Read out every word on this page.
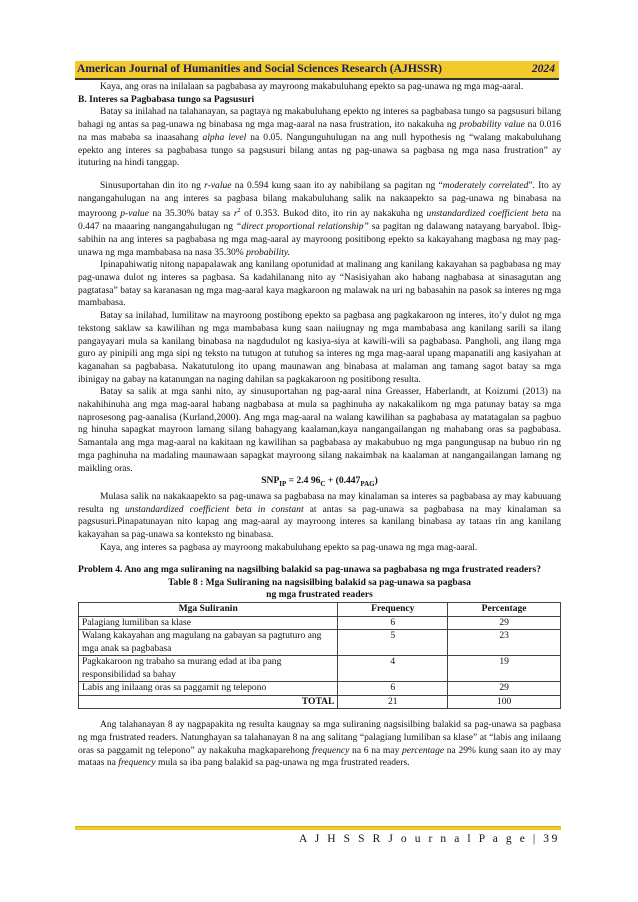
American Journal of Humanities and Social Sciences Research (AJHSSR)	2024

Kaya, ang oras na inilalaan sa pagbabasa ay mayroong makabuluhang epekto sa pag-unawa ng mga mag-aaral.

B. Interes sa Pagbabasa tungo sa Pagsusuri

Batay sa inilahad na talahanayan, sa pagtaya ng makabuluhang epekto ng interes sa pagbabasa tungo sa pagsusuri bilang bahagi ng antas sa pag-unawa ng binabasa ng mga mag-aaral na nasa frustration, ito nakakuha ng probability value na 0.016 na mas mababa sa inaasahang alpha level na 0.05. Nangunguhulugan na ang null hypothesis ng “walang makabuluhang epekto ang interes sa pagbabasa tungo sa pagsusuri bilang antas ng pag-unawa sa pagbasa ng mga nasa frustration” ay ituturing na hindi tanggap.

Sinusuportahan din ito ng r-value na 0.594 kung saan ito ay nabibilang sa pagitan ng “moderately correlated”. Ito ay nangangahulugan na ang interes sa pagbasa bilang makabuluhang salik na nakaapekto sa pag-unawa ng binabasa na mayroong p-value na 35.30% batay sa $r^2$ of 0.353. Bukod dito, ito rin ay nakakuha ng unstandardized coefficient beta na 0.447 na maaaring nangangahulugan ng “direct proportional relationship” sa pagitan ng dalawang natayang baryabol. Ibig-sabihin na ang interes sa pagbabasa ng mga mag-aaral ay mayroong positibong epekto sa kakayahang magbasa ng may pag-unawa ng mga mambabasa na nasa 35.30% probability.

Ipinapahiwatig nitong napapalawak ang kanilang opotunidad at malinang ang kanilang kakayahan sa pagbabasa ng may pag-unawa dulot ng interes sa pagbasa. Sa kadahilanang nito ay “Nasisiyahan ako habang nagbabasa at sinasagutan ang pagtatasa” batay sa karanasan ng mga mag-aaral kaya magkaroon ng malawak na uri ng babasahin na pasok sa interes ng mga mambabasa.

Batay sa inilahad, lumilitaw na mayroong postibong epekto sa pagbasa ang pagkakaroon ng interes, ito’y dulot ng mga tekstong saklaw sa kawilihan ng mga mambabasa kung saan naiiugnay ng mga mambabasa ang kanilang sarili sa ilang pangayayari mula sa kanilang binabasa na nagdudulot ng kasiya-siya at kawili-wili sa pagbabasa. Pangholi, ang ilang mga guro ay pinipili ang mga sipi ng teksto na tutugon at tutuhog sa interes ng mga mag-aaral upang mapanatili ang kasiyahan at kaganahan sa pagbabasa. Nakatutulong ito upang maunawan ang binabasa at malaman ang tamang sagot batay sa mga ibinigay na gabay na katanungan na naging dahilan sa pagkakaroon ng positibong resulta.

Batay sa salik at mga sanhi nito, ay sinusuportahan ng pag-aaral nina Greasser, Haberlandt, at Koizumi (2013) na nakahihinuha ang mga mag-aaral habang nagbabasa at mula sa paghinuha ay nakakalikom ng mga patunay batay sa mga naprosesong pag-aanalisa (Kurland,2000). Ang mga mag-aaral na walang kawilihan sa pagbabasa ay matatagalan sa pagbuo ng hinuha sapagkat mayroon lamang silang bahagyang kaalaman,kaya nangangailangan ng mahabang oras sa pagbabasa. Samantala ang mga mag-aaral na kakitaan ng kawilihan sa pagbabasa ay makabubuo ng mga pangungusap na bubuo rin ng mga paghinuha na madaling maunawaan sapagkat mayroong silang nakaimbak na kaalaman at nangangailangan lamang ng maikling oras.

$SNP_{IP} = 2.4$ $96_C + (0.447_{PAG})$

Mulasa salik na nakakaapekto sa pag-unawa sa pagbabasa na may kinalaman sa interes sa pagbabasa ay may kabuuang resulta ng unstandardized coefficient beta in constant at antas sa pag-unawa sa pagbabasa na may kinalaman sa pagsusuri.Pinapatunayan nito kapag ang mag-aaral ay mayroong interes sa kanilang binabasa ay tataas rin ang kanilang kakayahan sa pag-unawa sa konteksto ng binabasa.

Kaya, ang interes sa pagbasa ay mayroong makabuluhang epekto sa pag-unawa ng mga mag-aaral.

Problem 4. Ano ang mga suliraning na nagsilbing balakid sa pag-unawa sa pagbabasa ng mga frustrated readers?

Table 8 : Mga Suliraning na nagsisilbing balakid sa pag-unawa sa pagbasa
ng mga frustrated readers
Mga Suliranin	Frequency	Percentage
Palagiang lumiliban sa klase	6	29
Walang kakayahan ang magulang na gabayan sa pagtuturo ang mga anak sa pagbabasa	5	23
Pagkakaroon ng trabaho sa murang edad at iba pang responsibilidad sa bahay	4	19
Labis ang inilaang oras sa paggamit ng telepono	6	29
TOTAL	21	100

Ang talahanayan 8 ay nagpapakita ng resulta kaugnay sa mga suliraning nagsisilbing balakid sa pag-unawa sa pagbasa ng mga frustrated readers. Natunghayan sa talahanayan 8 na ang salitang “palagiang lumiliban sa klase” at “labis ang inilaang oras sa paggamit ng telepono” ay nakakuha magkaparehong frequency na 6 na may percentage na 29% kung saan ito ay may mataas na frequency mula sa iba pang balakid sa pag-unawa ng mga frustrated readers.

A J H S S R J o u r n a l P a g e | 39
